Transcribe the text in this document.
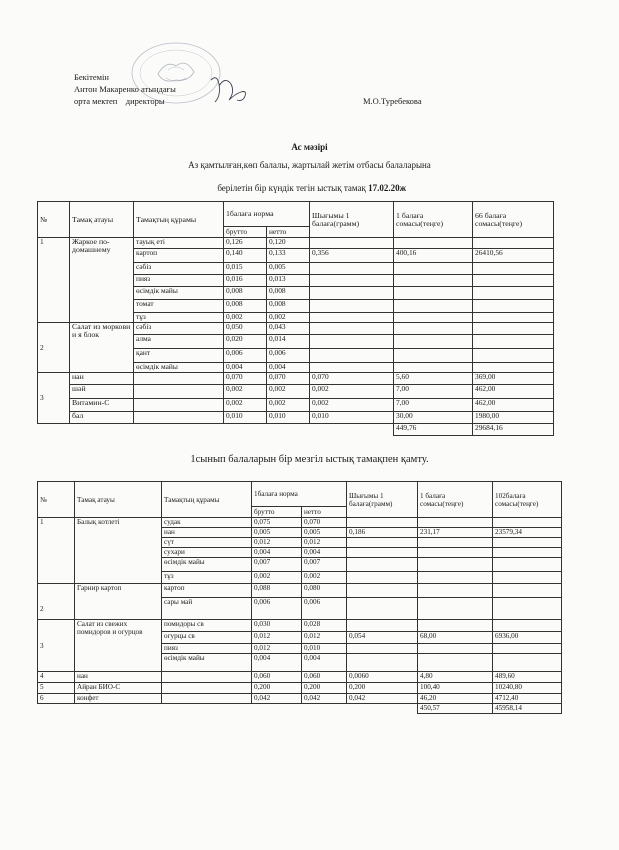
Бекітемін
Антон Макаренко атындағы
орта мектеп    директоры	М.О.Туребекова
Ас мәзірі
Аз қамтылған,көп балалы, жартылай жетім отбасы балаларына

берілетін бір күндік тегін ыстық тамақ 17.02.20ж

№	Тамақ атауы	Тамақтың құрамы	1балаға норма		Шығымы 1 балаға(грамм)	1 балаға сомасы(теңге)	66 балаға сомасы(теңге)
			брутто	нетто			
1	Жаркое по-домашнему	тауық еті	0,126	0,120			
		картоп	0,140	0,133	0,356	400,16	26410,56
		сәбіз	0,015	0,005			
		пияз	0,016	0,013			
		өсімдік майы	0,008	0,008			
		томат	0,008	0,008			
		тұз	0,002	0,002			
2	Салат из моркови и я блок	сәбіз	0,050	0,043			
		алма	0,020	0,014			
		қант	0,006	0,006			
		өсімдік майы	0,004	0,004			
3	нан		0,070	0,070	0,070	5,60	369,00
	шәй		0,002	0,002	0,002	7,00	462,00
	Витамин-С		0,002	0,002	0,002	7,00	462,00
	бал		0,010	0,010	0,010	30,00	1980,00
						449,76	29684,16
1сынып балаларын бір мезгіл ыстық тамақпен қамту.
№	Тамақ атауы	Тамақтың құрамы	1балаға норма		Шығымы 1 балаға(грамм)	1 балаға сомасы(теңге)	102балаға сомасы(теңге)
			брутто	нетто			
1	Балық котлеті	судак	0,075	0,070			
		нан	0,005	0,005	0,186	231,17	23579,34
		сүт	0,012	0,012			
		сухари	0,004	0,004			
		өсімдік майы	0,007	0,007			
		тұз	0,002	0,002			
2	Гарнир картоп	картоп	0,088	0,080			
		сары май	0,006	0,006			
3	Салат из свежих помидоров и огурцов	помидоры св	0,030	0,028			
		огурцы св	0,012	0,012	0,054	68,00	6936,00
		пияз	0,012	0,010			
		өсімдік майы	0,004	0,004			
4	нан		0,060	0,060	0,0060	4,80	489,60
5	Айран БИО-С		0,200	0,200	0,200	100,40	10240,80
6	конфет		0,042	0,042	0,042	46,20	4712,40
						450,57	45958,14
